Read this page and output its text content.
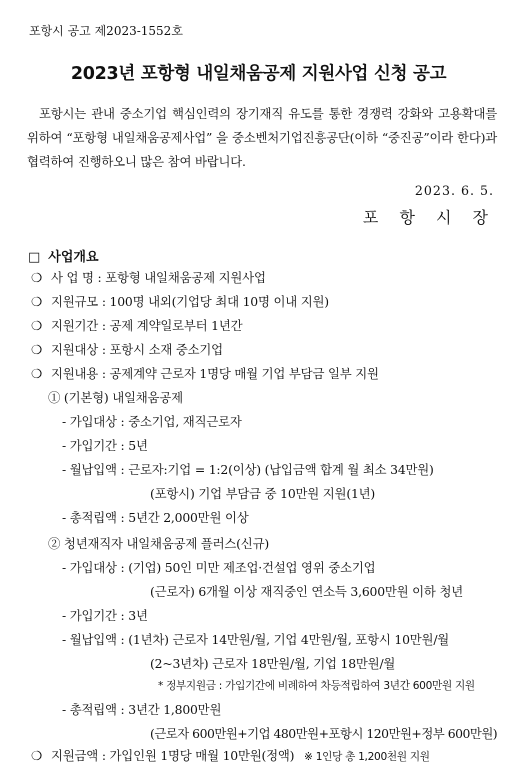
포항시 공고 제2023-1552호
2023년 포항형 내일채움공제 지원사업 신청 공고
포항시는 관내 중소기업 핵심인력의 장기재직 유도를 통한 경쟁력 강화와 고용확대를 위하여 “포항형 내일채움공제사업” 을 중소벤처기업진흥공단(이하 “중진공”이라 한다)과 협력하여 진행하오니 많은 참여 바랍니다.
2023. 6. 5.
포 항 시 장
□ 사업개요
❍ 사 업 명 : 포항형 내일채움공제 지원사업
❍ 지원규모 : 100명 내외(기업당 최대 10명 이내 지원)
❍ 지원기간 : 공제 계약일로부터 1년간
❍ 지원대상 : 포항시 소재 중소기업
❍ 지원내용 : 공제계약 근로자 1명당 매월 기업 부담금 일부 지원
① (기본형) 내일채움공제
- 가입대상 : 중소기업, 재직근로자
- 가입기간 : 5년
- 월납입액 : 근로자:기업 = 1:2(이상) (납입금액 합계 월 최소 34만원)
(포항시) 기업 부담금 중 10만원 지원(1년)
- 총적립액 : 5년간 2,000만원 이상
② 청년재직자 내일채움공제 플러스(신규)
- 가입대상 : (기업) 50인 미만 제조업·건설업 영위 중소기업
(근로자) 6개월 이상 재직중인 연소득 3,600만원 이하 청년
- 가입기간 : 3년
- 월납입액 : (1년차) 근로자 14만원/월, 기업 4만원/월, 포항시 10만원/월
(2~3년차) 근로자 18만원/월, 기업 18만원/월
* 정부지원금 : 가입기간에 비례하여 차등적립하여 3년간 600만원 지원
- 총적립액 : 3년간 1,800만원
(근로자 600만원+기업 480만원+포항시 120만원+정부 600만원)
❍ 지원금액 : 가입인원 1명당 매월 10만원(정액) ※ 1인당 총 1,200천원 지원
